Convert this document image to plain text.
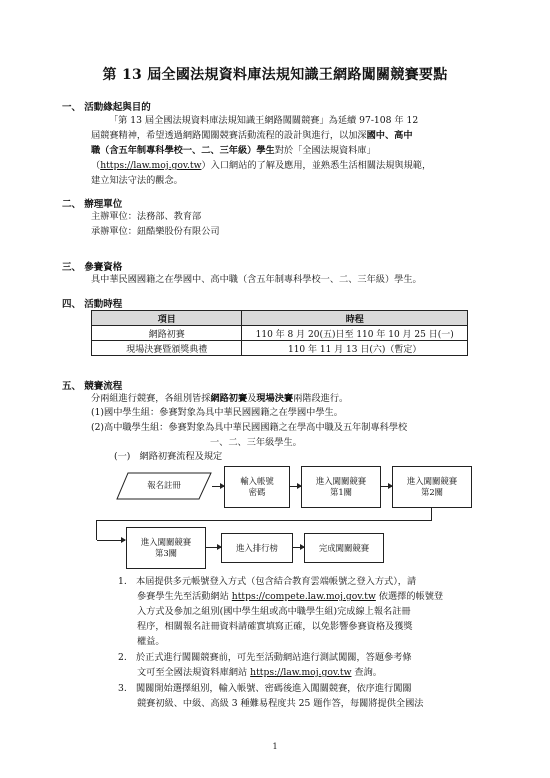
第 13 屆全國法規資料庫法規知識王網路闖關競賽要點
一、 活動緣起與目的
「第 13 屆全國法規資料庫法規知識王網路闖關競賽」為延續 97-108 年 12
屆競賽精神，希望透過網路闖關競賽活動流程的設計與進行，以加深國中、高中
職（含五年制專科學校一、二、三年級）學生對於「全國法規資料庫」
（https://law.moj.gov.tw）入口網站的了解及應用，並熟悉生活相關法規與規範，
建立知法守法的觀念。
二、 辦理單位
主辦單位：法務部、教育部
承辦單位：鈕酷樂股份有限公司
三、 參賽資格
具中華民國國籍之在學國中、高中職（含五年制專科學校一、二、三年級）學生。
四、 活動時程
項目	時程
網路初賽	110 年 8 月 20(五)日至 110 年 10 月 25 日(一)
現場決賽暨頒獎典禮	110 年 11 月 13 日(六)（暫定）
五、 競賽流程
分兩組進行競賽，各組別皆採網路初賽及現場決賽兩階段進行。
(1)國中學生組：參賽對象為具中華民國國籍之在學國中學生。
(2)高中職學生組：參賽對象為具中華民國國籍之在學高中職及五年制專科學校
一、二、三年級學生。
(一)　網路初賽流程及規定
報名註冊	輸入帳號
密碼
進入闖關競賽
第1關
進入闖關競賽
第2關
進入闖關競賽
第3關
進入排行榜	完成闖關競賽
1.　本屆提供多元帳號登入方式（包含結合教育雲端帳號之登入方式），請
參賽學生先至活動網站 https://compete.law.moj.gov.tw 依選擇的帳號登
入方式及參加之組別(國中學生組或高中職學生組)完成線上報名註冊
程序，相關報名註冊資料請確實填寫正確，以免影響參賽資格及獲獎
權益。
2.　於正式進行闖關競賽前，可先至活動網站進行測試闖關，答題參考條
文可至全國法規資料庫網站 https://law.moj.gov.tw 查詢。
3.　闖關開始選擇組別，輸入帳號、密碼後進入闖關競賽，依序進行闖關
競賽初級、中級、高級 3 種難易程度共 25 題作答，每關將提供全國法
1
